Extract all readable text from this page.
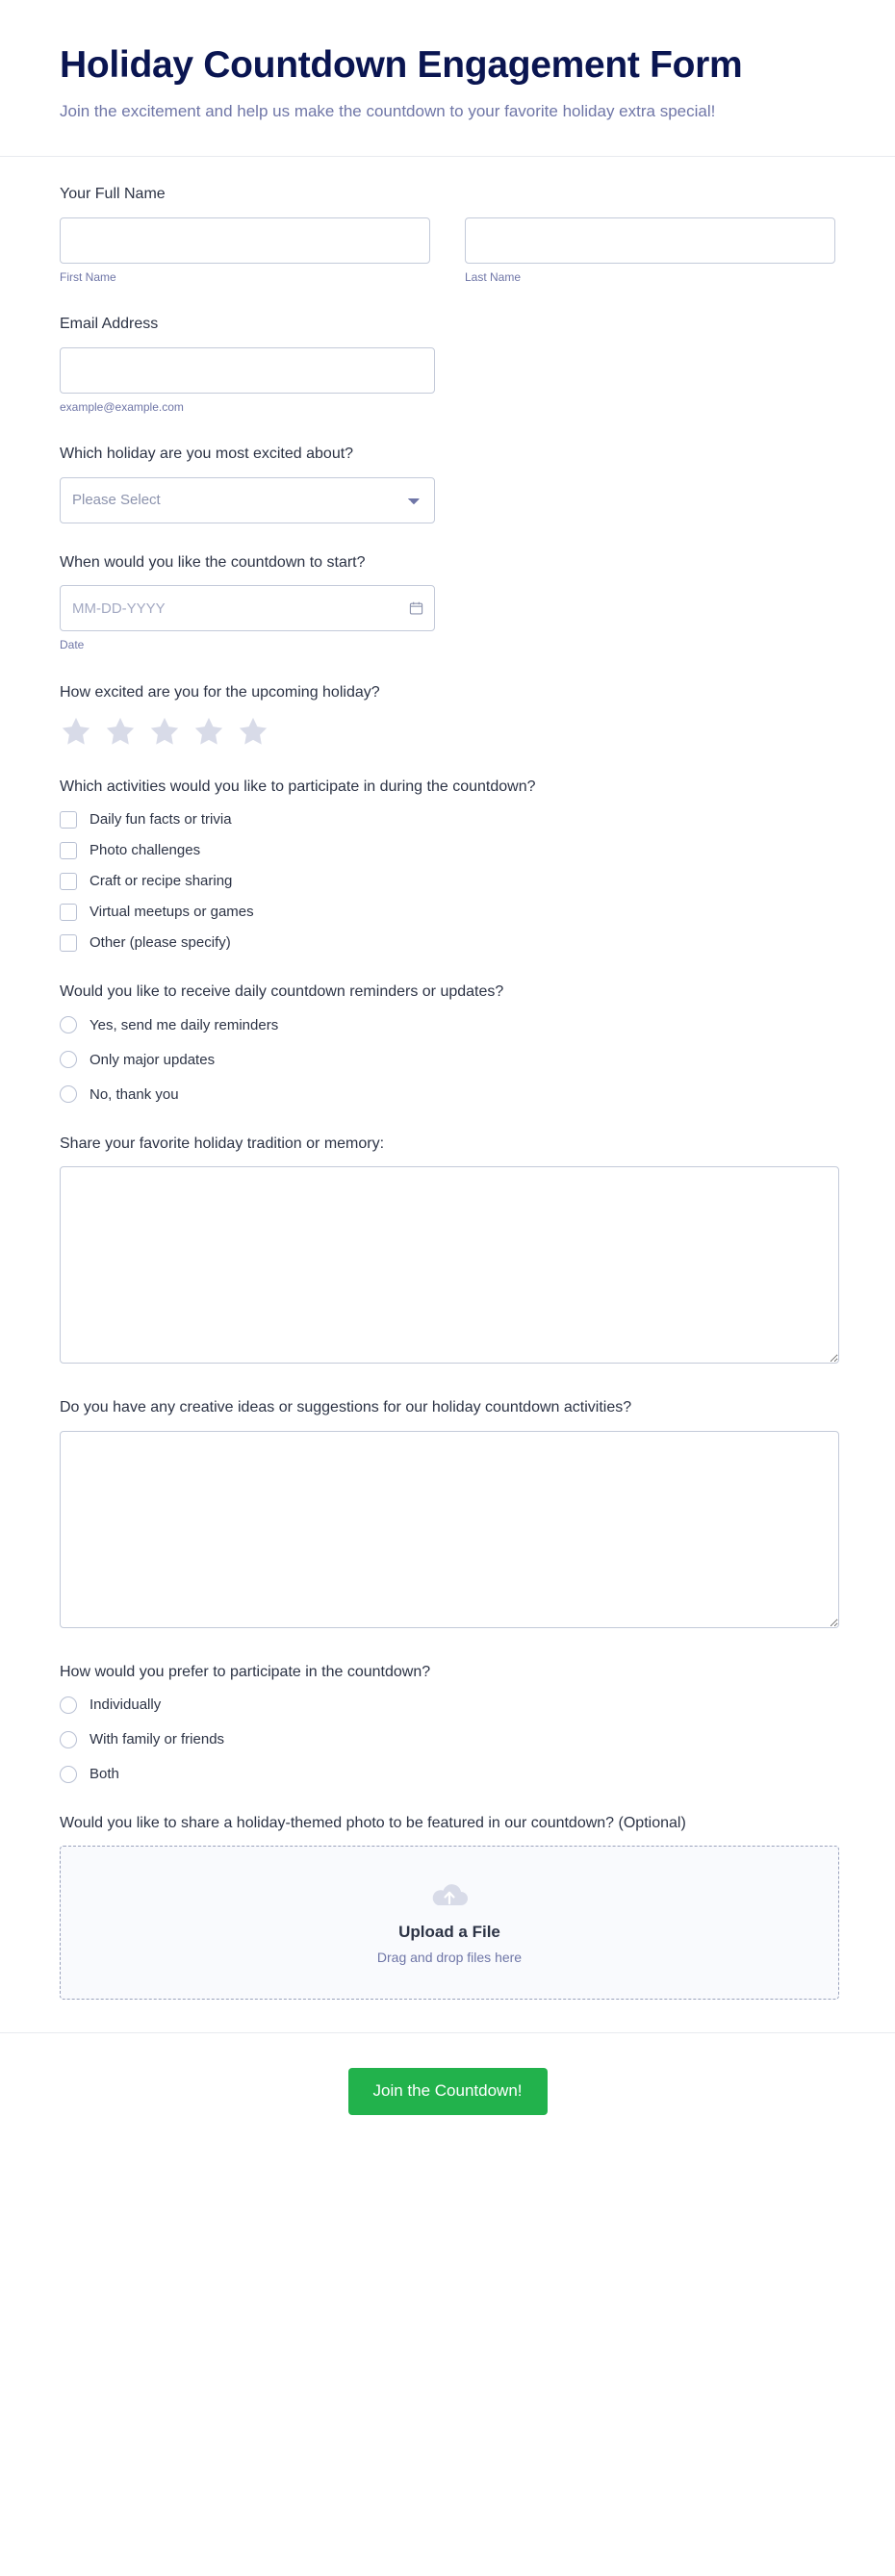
Holiday Countdown Engagement Form

Join the excitement and help us make the countdown to your favorite holiday extra special!

Your Full Name
First Name	Last Name
Email Address
example@example.com
Which holiday are you most excited about?
Please Select
When would you like the countdown to start?
MM-DD-YYYY
Date
How excited are you for the upcoming holiday?
Which activities would you like to participate in during the countdown?
Daily fun facts or trivia
Photo challenges
Craft or recipe sharing
Virtual meetups or games
Other (please specify)
Would you like to receive daily countdown reminders or updates?
Yes, send me daily reminders
Only major updates
No, thank you
Share your favorite holiday tradition or memory:
Do you have any creative ideas or suggestions for our holiday countdown activities?
How would you prefer to participate in the countdown?
Individually
With family or friends
Both
Would you like to share a holiday-themed photo to be featured in our countdown? (Optional)
Upload a File
Drag and drop files here
Join the Countdown!
